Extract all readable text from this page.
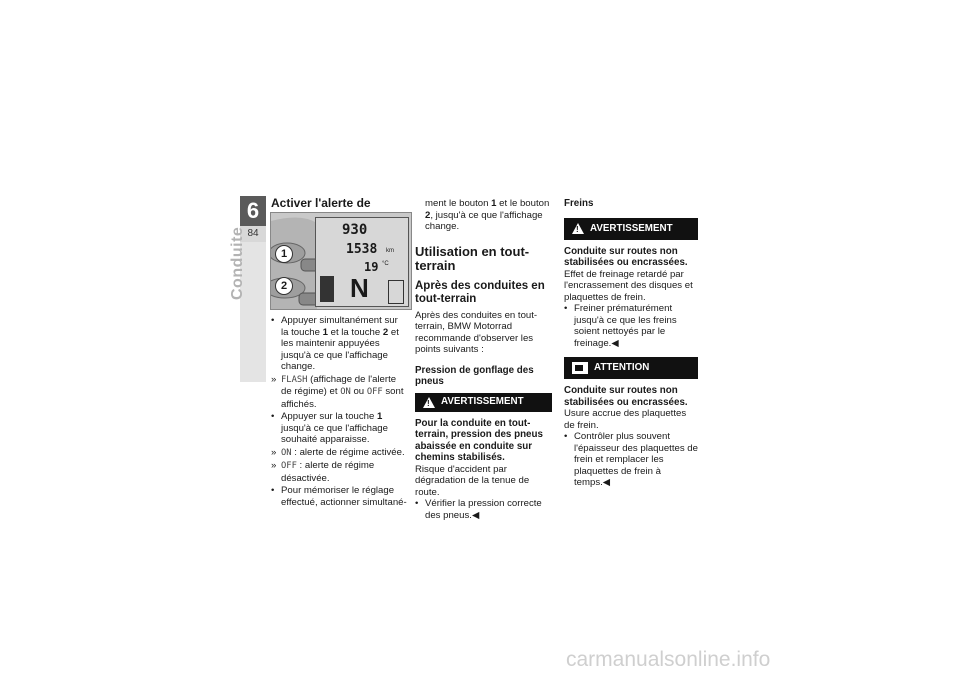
6
84
Conduite
Activer l'alerte de
930
1538 km
19 °C
N
1
2
• Appuyer simultanément sur la touche 1 et la touche 2 et les maintenir appuyées jusqu'à ce que l'affichage change.
» FLASH (affichage de l'alerte de régime) et ON ou OFF sont affichés.
• Appuyer sur la touche 1 jusqu'à ce que l'affichage souhaité apparaisse.
» ON : alerte de régime activée.
» OFF : alerte de régime désactivée.
• Pour mémoriser le réglage effectué, actionner simultané-

ment le bouton 1 et le bouton 2, jusqu'à ce que l'affichage change.

Utilisation en tout-terrain
Après des conduites en tout-terrain

Après des conduites en tout-terrain, BMW Motorrad recommande d'observer les points suivants :

Pression de gonflage des pneus
!
AVERTISSEMENT

Pour la conduite en tout-terrain, pression des pneus abaissée en conduite sur chemins stabilisés.

Risque d'accident par dégradation de la tenue de route.

• Vérifier la pression correcte des pneus.◀
Freins
!
AVERTISSEMENT

Conduite sur routes non stabilisées ou encrassées.

Effet de freinage retardé par l'encrassement des disques et plaquettes de frein.

• Freiner prématurément jusqu'à ce que les freins soient nettoyés par le freinage.◀
ATTENTION

Conduite sur routes non stabilisées ou encrassées.

Usure accrue des plaquettes de frein.

• Contrôler plus souvent l'épaisseur des plaquettes de frein et remplacer les plaquettes de frein à temps.◀
carmanualsonline.info
